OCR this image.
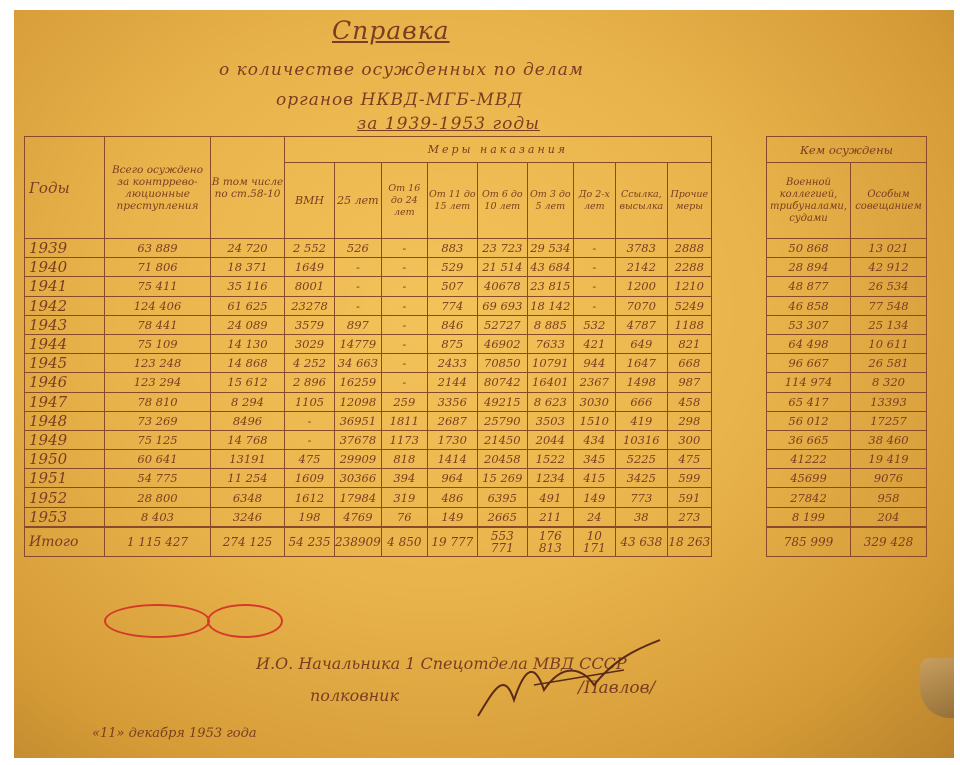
Справка
о количестве осужденных по делам
органов НКВД-МГБ-МВД
за 1939-1953 годы
Годы	Всего осуждено за контррево- люционные преступления	В том числе по ст.58-10	Меры наказания								
			ВМН	25 лет	От 16 до 24 лет	От 11 до 15 лет	От 6 до 10 лет	От 3 до 5 лет	До 2-х лет	Ссылка, высылка	Прочие меры
1939	63 889	24 720	2 552	526	-	883	23 723	29 534	-	3783	2888
1940	71 806	18 371	1649	-	-	529	21 514	43 684	-	2142	2288
1941	75 411	35 116	8001	-	-	507	40678	23 815	-	1200	1210
1942	124 406	61 625	23278	-	-	774	69 693	18 142	-	7070	5249
1943	78 441	24 089	3579	897	-	846	52727	8 885	532	4787	1188
1944	75 109	14 130	3029	14779	-	875	46902	7633	421	649	821
1945	123 248	14 868	4 252	34 663	-	2433	70850	10791	944	1647	668
1946	123 294	15 612	2 896	16259	-	2144	80742	16401	2367	1498	987
1947	78 810	8 294	1105	12098	259	3356	49215	8 623	3030	666	458
1948	73 269	8496	-	36951	1811	2687	25790	3503	1510	419	298
1949	75 125	14 768	-	37678	1173	1730	21450	2044	434	10316	300
1950	60 641	13191	475	29909	818	1414	20458	1522	345	5225	475
1951	54 775	11 254	1609	30366	394	964	15 269	1234	415	3425	599
1952	28 800	6348	1612	17984	319	486	6395	491	149	773	591
1953	8 403	3246	198	4769	76	149	2665	211	24	38	273
Итого	1 115 427	274 125	54 235	238909	4 850	19 777	553 771	176 813	10 171	43 638	18 263
Кем осуждены	
Военной коллегией, трибуналами, судами	Особым совещанием
50 868	13 021
28 894	42 912
48 877	26 534
46 858	77 548
53 307	25 134
64 498	10 611
96 667	26 581
114 974	8 320
65 417	13393
56 012	17257
36 665	38 460
41222	19 419
45699	9076
27842	958
8 199	204
785 999	329 428
И.О. Начальника 1 Спецотдела МВД СССР
полковник	/Павлов/
«11» декабря 1953 года
